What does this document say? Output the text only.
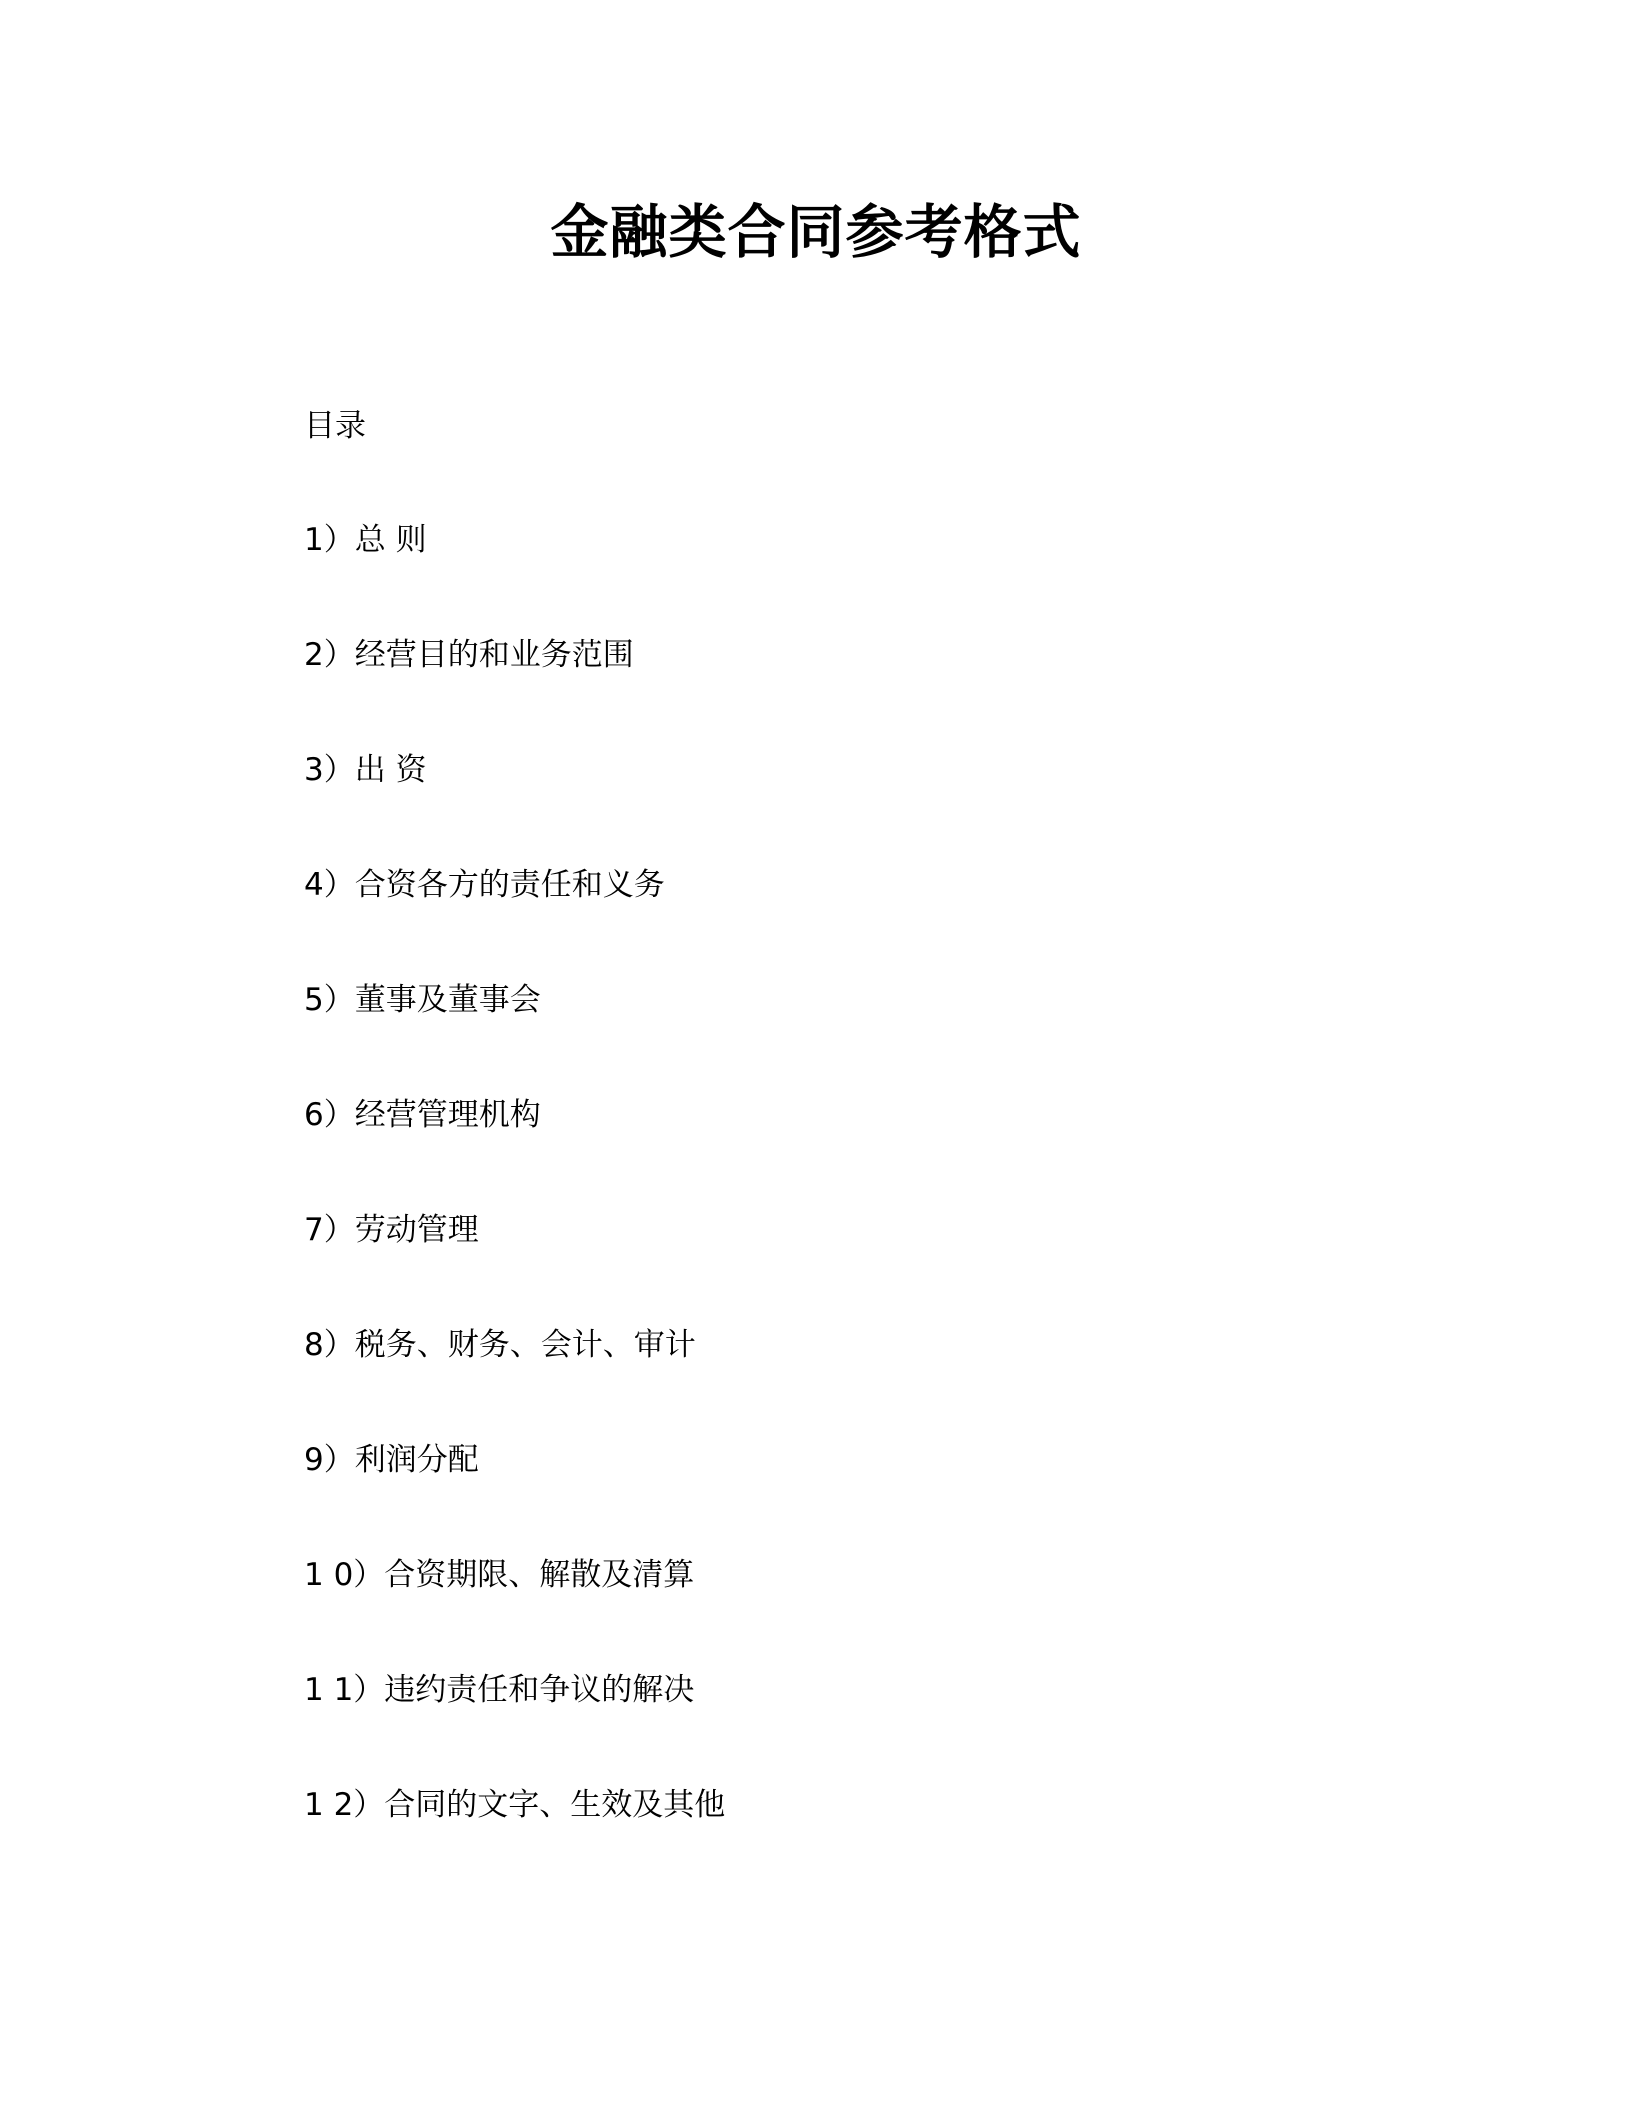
金融类合同参考格式
目录
1）总 则
2）经营目的和业务范围
3）出 资
4）合资各方的责任和义务
5）董事及董事会
6）经营管理机构
7）劳动管理
8）税务、财务、会计、审计
9）利润分配
1 0）合资期限、解散及清算
1 1）违约责任和争议的解决
1 2）合同的文字、生效及其他
